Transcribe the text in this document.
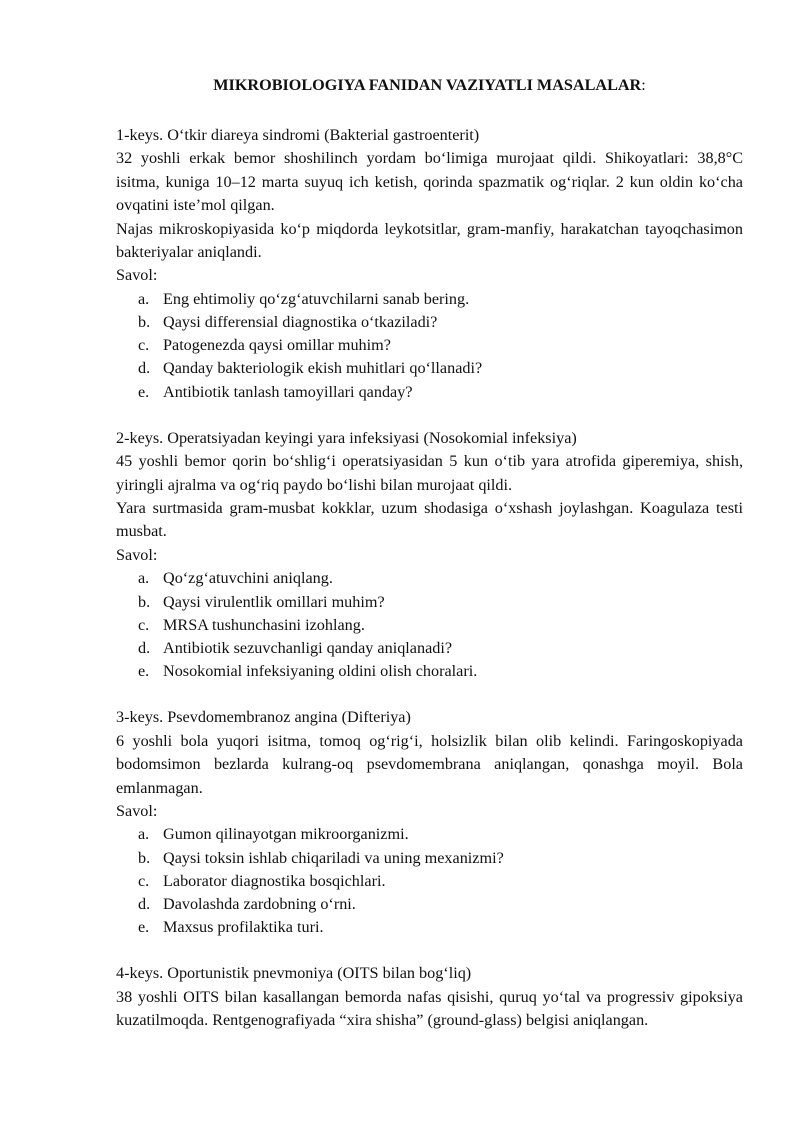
MIKROBIOLOGIYA FANIDAN VAZIYATLI MASALALAR:

1-keys. O‘tkir diareya sindromi (Bakterial gastroenterit)

32 yoshli erkak bemor shoshilinch yordam bo‘limiga murojaat qildi. Shikoyatlari: 38,8°C isitma, kuniga 10–12 marta suyuq ich ketish, qorinda spazmatik og‘riqlar. 2 kun oldin ko‘cha ovqatini iste’mol qilgan.

Najas mikroskopiyasida ko‘p miqdorda leykotsitlar, gram-manfiy, harakatchan tayoqchasimon bakteriyalar aniqlandi.

Savol:

a. Eng ehtimoliy qo‘zg‘atuvchilarni sanab bering.
b. Qaysi differensial diagnostika o‘tkaziladi?
c. Patogenezda qaysi omillar muhim?
d. Qanday bakteriologik ekish muhitlari qo‘llanadi?
e. Antibiotik tanlash tamoyillari qanday?

2-keys. Operatsiyadan keyingi yara infeksiyasi (Nosokomial infeksiya)

45 yoshli bemor qorin bo‘shlig‘i operatsiyasidan 5 kun o‘tib yara atrofida giperemiya, shish, yiringli ajralma va og‘riq paydo bo‘lishi bilan murojaat qildi.

Yara surtmasida gram-musbat kokklar, uzum shodasiga o‘xshash joylashgan. Koagulaza testi musbat.

Savol:

a. Qo‘zg‘atuvchini aniqlang.
b. Qaysi virulentlik omillari muhim?
c. MRSA tushunchasini izohlang.
d. Antibiotik sezuvchanligi qanday aniqlanadi?
e. Nosokomial infeksiyaning oldini olish choralari.

3-keys. Psevdomembranoz angina (Difteriya)

6 yoshli bola yuqori isitma, tomoq og‘rig‘i, holsizlik bilan olib kelindi. Faringoskopiyada bodomsimon bezlarda kulrang-oq psevdomembrana aniqlangan, qonashga moyil. Bola emlanmagan.

Savol:

a. Gumon qilinayotgan mikroorganizmi.
b. Qaysi toksin ishlab chiqariladi va uning mexanizmi?
c. Laborator diagnostika bosqichlari.
d. Davolashda zardobning o‘rni.
e. Maxsus profilaktika turi.

4-keys. Oportunistik pnevmoniya (OITS bilan bog‘liq)

38 yoshli OITS bilan kasallangan bemorda nafas qisishi, quruq yo‘tal va progressiv gipoksiya kuzatilmoqda. Rentgenografiyada “xira shisha” (ground-glass) belgisi aniqlangan.
